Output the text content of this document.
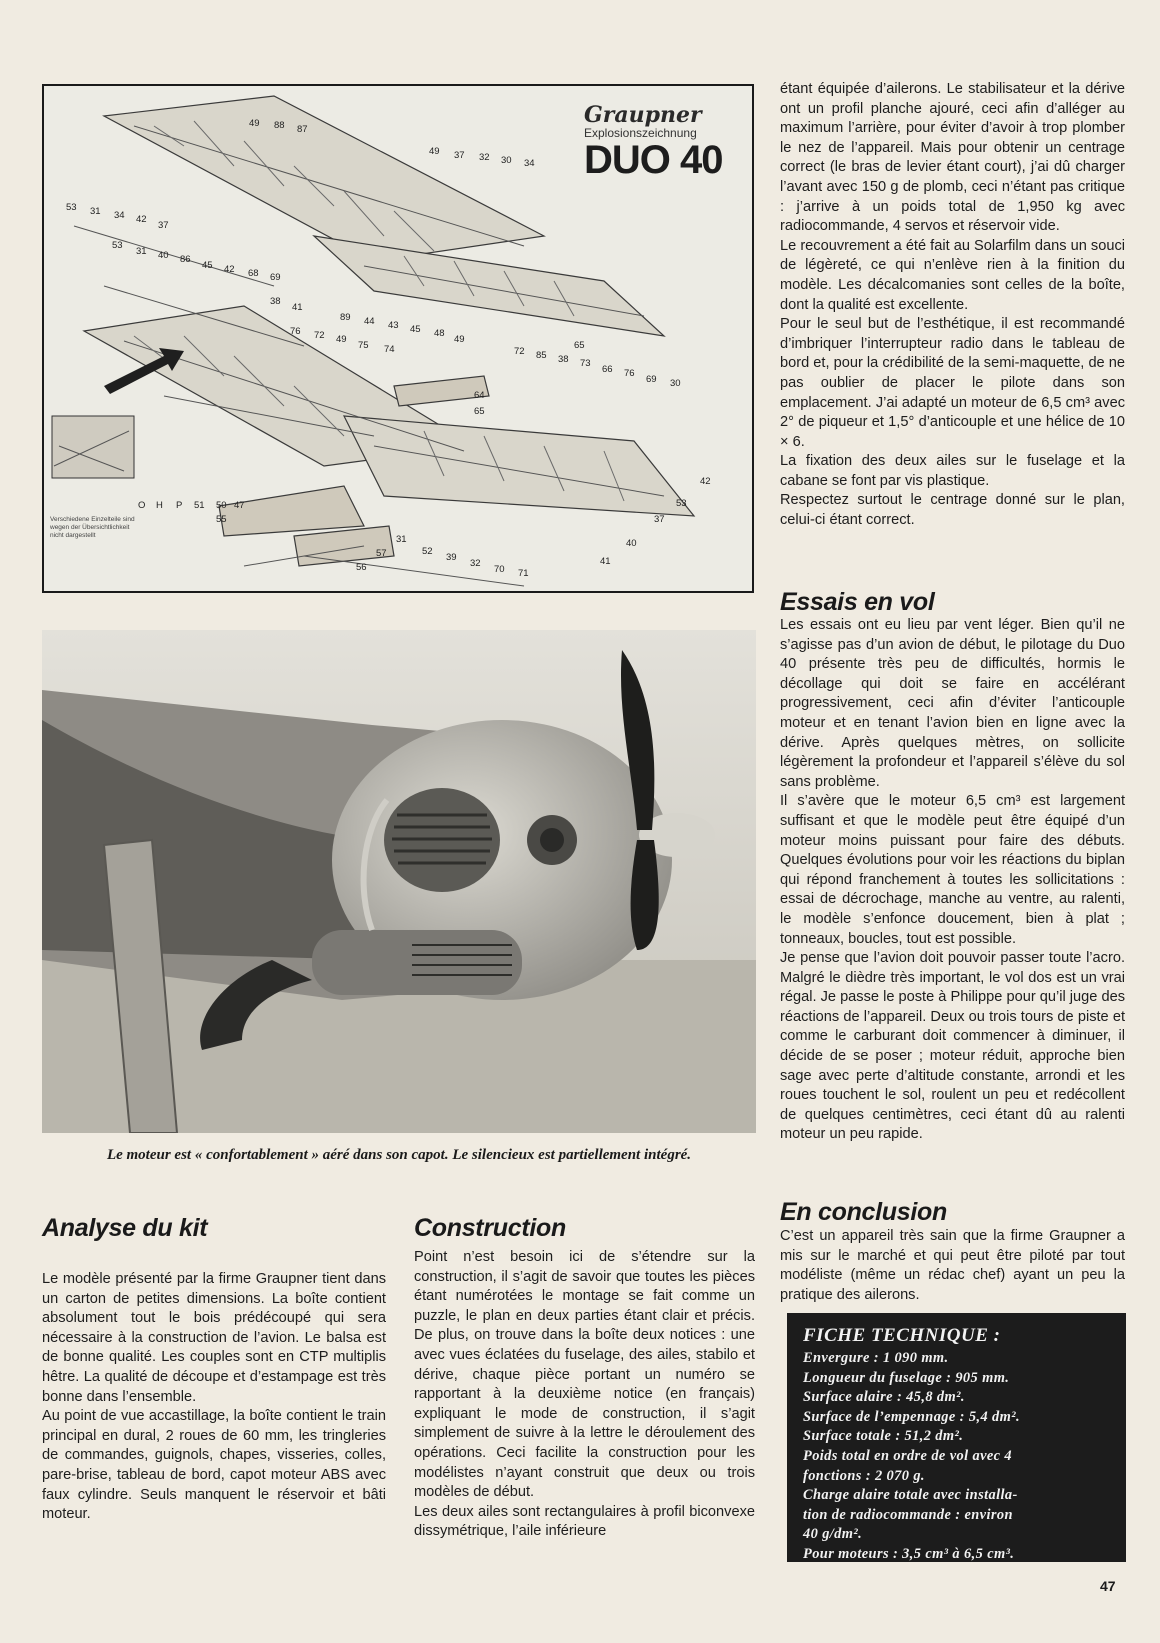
49 88 87
49 37 32 30 34
53 31 34 42
37
53
31 40 86
45 42 68 69
38
41
76 72 49
75 74
89 44 43 45 48
49
65
72 85 38 73
66 76
69 30
64
65
42
53
37
40
41
71
70
32
39
52
31
57
56
55
51 50 47
O H P
Graupner
Explosionszeichnung
DUO 40
Verschiedene Einzelteile sind wegen der Übersichtlichkeit nicht dargestellt
Le moteur est « confortablement » aéré dans son capot. Le silencieux est partiellement intégré.

étant équipée d’ailerons. Le stabilisateur et la dérive ont un profil planche ajouré, ceci afin d’alléger au maximum l’arrière, pour éviter d’avoir à trop plomber le nez de l’appareil. Mais pour obtenir un centrage correct (le bras de levier étant court), j’ai dû charger l’avant avec 150 g de plomb, ceci n’étant pas critique : j’arrive à un poids total de 1,950 kg avec radiocommande, 4 servos et réservoir vide.

Le recouvrement a été fait au Solarfilm dans un souci de légèreté, ce qui n’enlève rien à la finition du modèle. Les décalcomanies sont celles de la boîte, dont la qualité est excellente.

Pour le seul but de l’esthétique, il est recommandé d’imbriquer l’interrupteur radio dans le tableau de bord et, pour la crédibilité de la semi-maquette, de ne pas oublier de placer le pilote dans son emplacement. J’ai adapté un moteur de 6,5 cm³ avec 2° de piqueur et 1,5° d’anticouple et une hélice de 10 × 6.

La fixation des deux ailes sur le fuselage et la cabane se font par vis plastique.

Respectez surtout le centrage donné sur le plan, celui-ci étant correct.

Essais en vol

Les essais ont eu lieu par vent léger. Bien qu’il ne s’agisse pas d’un avion de début, le pilotage du Duo 40 présente très peu de difficultés, hormis le décollage qui doit se faire en accélérant progressivement, ceci afin d’éviter l’anticouple moteur et en tenant l’avion bien en ligne avec la dérive. Après quelques mètres, on sollicite légèrement la profondeur et l’appareil s’élève du sol sans problème.

Il s’avère que le moteur 6,5 cm³ est largement suffisant et que le modèle peut être équipé d’un moteur moins puissant pour faire des débuts. Quelques évolutions pour voir les réactions du biplan qui répond franchement à toutes les sollicitations : essai de décrochage, manche au ventre, au ralenti, le modèle s’enfonce doucement, bien à plat ; tonneaux, boucles, tout est possible.

Je pense que l’avion doit pouvoir passer toute l’acro. Malgré le dièdre très important, le vol dos est un vrai régal. Je passe le poste à Philippe pour qu’il juge des réactions de l’appareil. Deux ou trois tours de piste et comme le carburant doit commencer à diminuer, il décide de se poser ; moteur réduit, approche bien sage avec perte d’altitude constante, arrondi et les roues touchent le sol, roulent un peu et redécollent de quelques centimètres, ceci étant dû au ralenti moteur un peu rapide.

En conclusion

C’est un appareil très sain que la firme Graupner a mis sur le marché et qui peut être piloté par tout modéliste (même un rédac chef) ayant un peu la pratique des ailerons.

Analyse du kit

Le modèle présenté par la firme Graupner tient dans un carton de petites dimensions. La boîte contient absolument tout le bois prédécoupé qui sera nécessaire à la construction de l’avion. Le balsa est de bonne qualité. Les couples sont en CTP multiplis hêtre. La qualité de découpe et d’estampage est très bonne dans l’ensemble.

Au point de vue accastillage, la boîte contient le train principal en dural, 2 roues de 60 mm, les tringleries de commandes, guignols, chapes, visseries, colles, pare-brise, tableau de bord, capot moteur ABS avec faux cylindre. Seuls manquent le réservoir et bâti moteur.

Construction

Point n’est besoin ici de s’étendre sur la construction, il s’agit de savoir que toutes les pièces étant numérotées le montage se fait comme un puzzle, le plan en deux parties étant clair et précis. De plus, on trouve dans la boîte deux notices : une avec vues éclatées du fuselage, des ailes, stabilo et dérive, chaque pièce portant un numéro se rapportant à la deuxième notice (en français) expliquant le mode de construction, il s’agit simplement de suivre à la lettre le déroulement des opérations. Ceci facilite la construction pour les modélistes n’ayant construit que deux ou trois modèles de début.

Les deux ailes sont rectangulaires à profil biconvexe dissymétrique, l’aile inférieure

FICHE TECHNIQUE :
Envergure : 1 090 mm.
Longueur du fuselage : 905 mm.
Surface alaire : 45,8 dm².
Surface de l’empennage : 5,4 dm².
Surface totale : 51,2 dm².
Poids total en ordre de vol avec 4
fonctions : 2 070 g.
Charge alaire totale avec installa-
tion de radiocommande : environ
40 g/dm².
Pour moteurs : 3,5 cm³ à 6,5 cm³.
47
